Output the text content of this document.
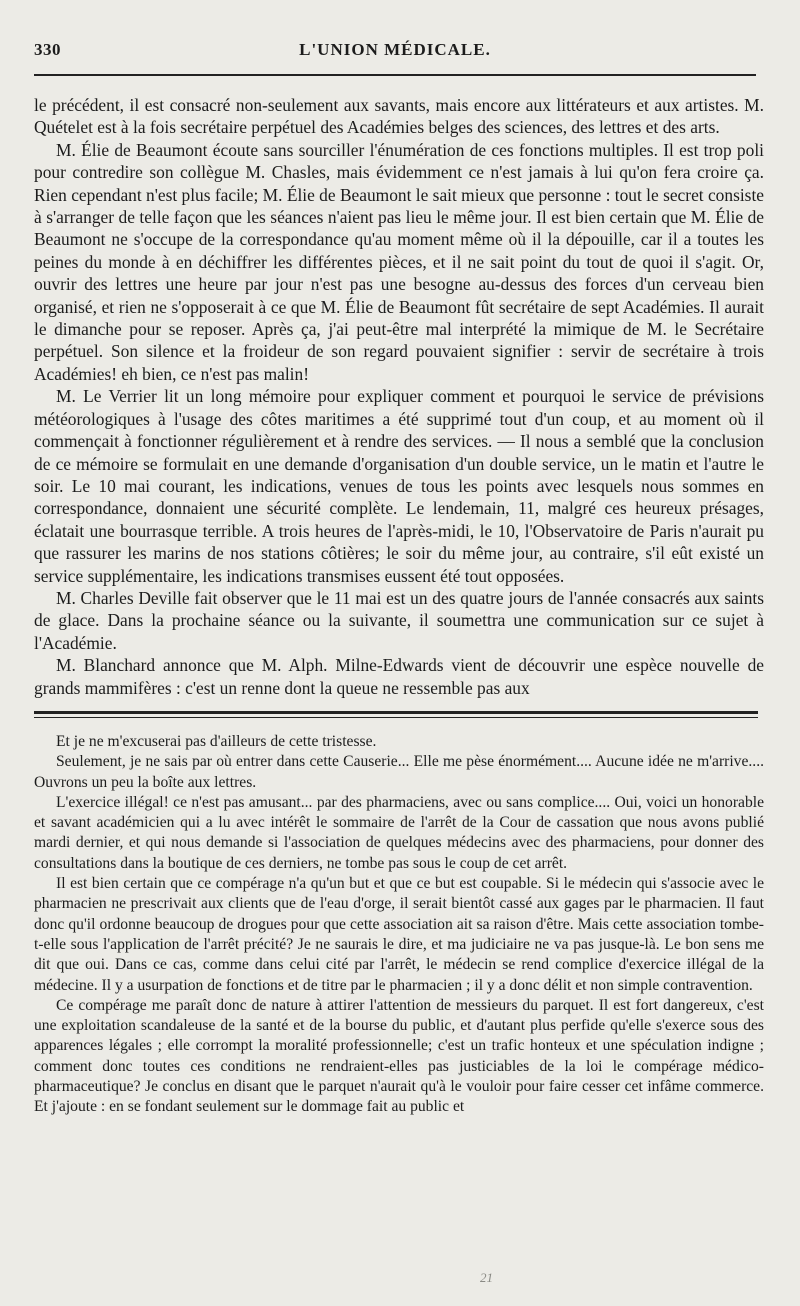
330	L'UNION MÉDICALE.

le précédent, il est consacré non-seulement aux savants, mais encore aux littérateurs et aux artistes. M. Quételet est à la fois secrétaire perpétuel des Académies belges des sciences, des lettres et des arts.

M. Élie de Beaumont écoute sans sourciller l'énumération de ces fonctions multiples. Il est trop poli pour contredire son collègue M. Chasles, mais évidemment ce n'est jamais à lui qu'on fera croire ça. Rien cependant n'est plus facile; M. Élie de Beaumont le sait mieux que personne : tout le secret consiste à s'arranger de telle façon que les séances n'aient pas lieu le même jour. Il est bien certain que M. Élie de Beaumont ne s'occupe de la correspondance qu'au moment même où il la dépouille, car il a toutes les peines du monde à en déchiffrer les différentes pièces, et il ne sait point du tout de quoi il s'agit. Or, ouvrir des lettres une heure par jour n'est pas une besogne au-dessus des forces d'un cerveau bien organisé, et rien ne s'opposerait à ce que M. Élie de Beaumont fût secrétaire de sept Académies. Il aurait le dimanche pour se reposer. Après ça, j'ai peut-être mal interprété la mimique de M. le Secrétaire perpétuel. Son silence et la froideur de son regard pouvaient signifier : servir de secrétaire à trois Académies! eh bien, ce n'est pas malin!

M. Le Verrier lit un long mémoire pour expliquer comment et pourquoi le service de prévisions météorologiques à l'usage des côtes maritimes a été supprimé tout d'un coup, et au moment où il commençait à fonctionner régulièrement et à rendre des services. — Il nous a semblé que la conclusion de ce mémoire se formulait en une demande d'organisation d'un double service, un le matin et l'autre le soir. Le 10 mai courant, les indications, venues de tous les points avec lesquels nous sommes en correspondance, donnaient une sécurité complète. Le lendemain, 11, malgré ces heureux présages, éclatait une bourrasque terrible. A trois heures de l'après-midi, le 10, l'Observatoire de Paris n'aurait pu que rassurer les marins de nos stations côtières; le soir du même jour, au contraire, s'il eût existé un service supplémentaire, les indications transmises eussent été tout opposées.

M. Charles Deville fait observer que le 11 mai est un des quatre jours de l'année consacrés aux saints de glace. Dans la prochaine séance ou la suivante, il soumettra une communication sur ce sujet à l'Académie.

M. Blanchard annonce que M. Alph. Milne-Edwards vient de découvrir une espèce nouvelle de grands mammifères : c'est un renne dont la queue ne ressemble pas aux

Et je ne m'excuserai pas d'ailleurs de cette tristesse.

Seulement, je ne sais par où entrer dans cette Causerie... Elle me pèse énormément.... Aucune idée ne m'arrive.... Ouvrons un peu la boîte aux lettres.

L'exercice illégal! ce n'est pas amusant... par des pharmaciens, avec ou sans complice.... Oui, voici un honorable et savant académicien qui a lu avec intérêt le sommaire de l'arrêt de la Cour de cassation que nous avons publié mardi dernier, et qui nous demande si l'association de quelques médecins avec des pharmaciens, pour donner des consultations dans la boutique de ces derniers, ne tombe pas sous le coup de cet arrêt.

Il est bien certain que ce compérage n'a qu'un but et que ce but est coupable. Si le médecin qui s'associe avec le pharmacien ne prescrivait aux clients que de l'eau d'orge, il serait bientôt cassé aux gages par le pharmacien. Il faut donc qu'il ordonne beaucoup de drogues pour que cette association ait sa raison d'être. Mais cette association tombe-t-elle sous l'application de l'arrêt précité? Je ne saurais le dire, et ma judiciaire ne va pas jusque-là. Le bon sens me dit que oui. Dans ce cas, comme dans celui cité par l'arrêt, le médecin se rend complice d'exercice illégal de la médecine. Il y a usurpation de fonctions et de titre par le pharmacien ; il y a donc délit et non simple contravention.

Ce compérage me paraît donc de nature à attirer l'attention de messieurs du parquet. Il est fort dangereux, c'est une exploitation scandaleuse de la santé et de la bourse du public, et d'autant plus perfide qu'elle s'exerce sous des apparences légales ; elle corrompt la moralité professionnelle; c'est un trafic honteux et une spéculation indigne ; comment donc toutes ces conditions ne rendraient-elles pas justiciables de la loi le compérage médico-pharmaceutique? Je conclus en disant que le parquet n'aurait qu'à le vouloir pour faire cesser cet infâme commerce. Et j'ajoute : en se fondant seulement sur le dommage fait au public et

21
